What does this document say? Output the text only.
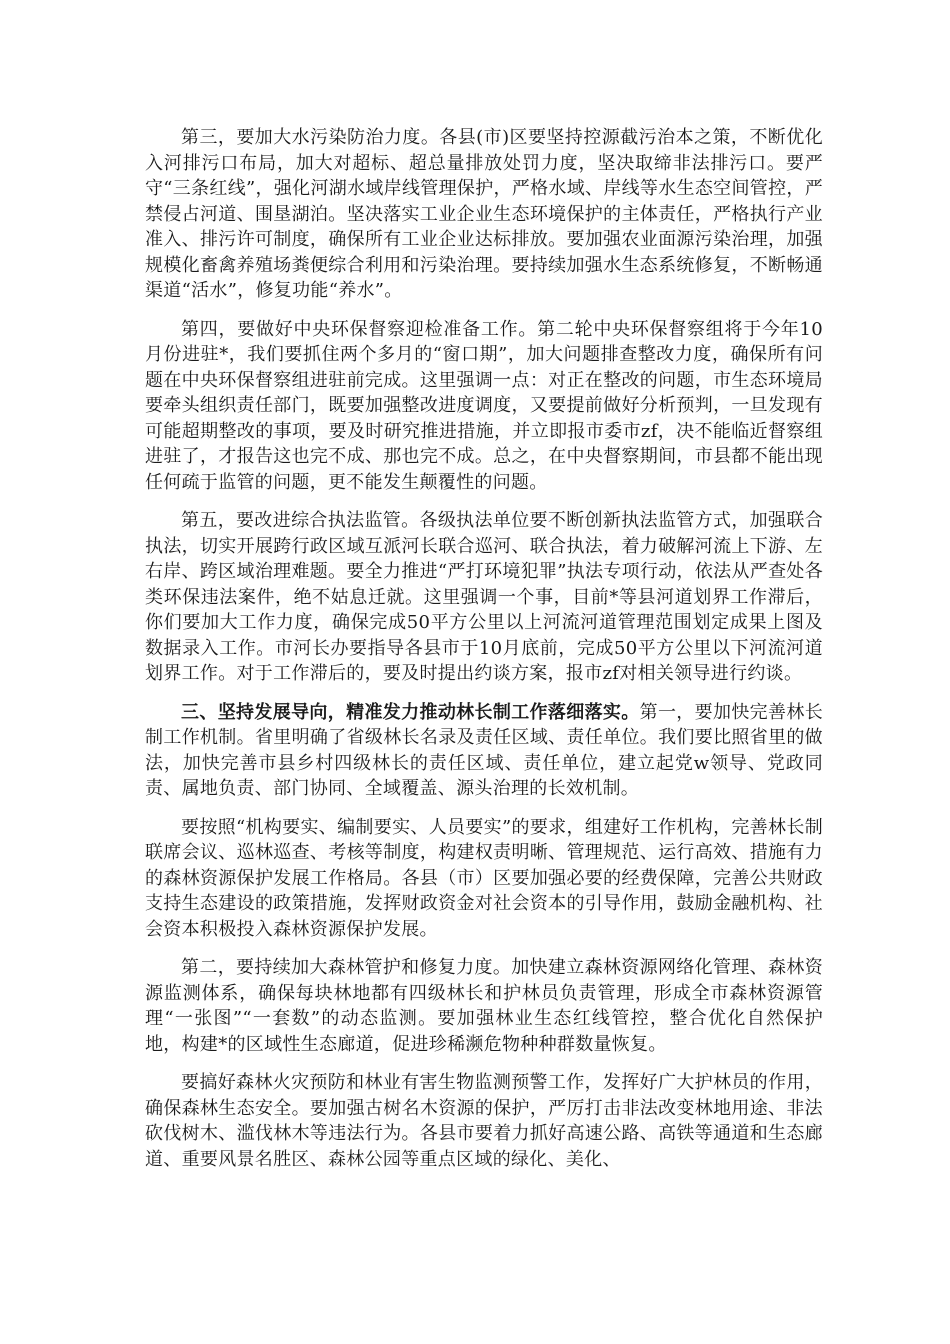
第三，要加大水污染防治力度。各县(市)区要坚持控源截污治本之策，不断优化入河排污口布局，加大对超标、超总量排放处罚力度，坚决取缔非法排污口。要严守“三条红线”，强化河湖水域岸线管理保护，严格水域、岸线等水生态空间管控，严禁侵占河道、围垦湖泊。坚决落实工业企业生态环境保护的主体责任，严格执行产业准入、排污许可制度，确保所有工业企业达标排放。要加强农业面源污染治理，加强规模化畜禽养殖场粪便综合利用和污染治理。要持续加强水生态系统修复，不断畅通渠道“活水”，修复功能“养水”。

第四，要做好中央环保督察迎检准备工作。第二轮中央环保督察组将于今年10月份进驻*，我们要抓住两个多月的“窗口期”，加大问题排查整改力度，确保所有问题在中央环保督察组进驻前完成。这里强调一点：对正在整改的问题，市生态环境局要牵头组织责任部门，既要加强整改进度调度，又要提前做好分析预判，一旦发现有可能超期整改的事项，要及时研究推进措施，并立即报市委市zf，决不能临近督察组进驻了，才报告这也完不成、那也完不成。总之，在中央督察期间，市县都不能出现任何疏于监管的问题，更不能发生颠覆性的问题。

第五，要改进综合执法监管。各级执法单位要不断创新执法监管方式，加强联合执法，切实开展跨行政区域互派河长联合巡河、联合执法，着力破解河流上下游、左右岸、跨区域治理难题。要全力推进“严打环境犯罪”执法专项行动，依法从严查处各类环保违法案件，绝不姑息迁就。这里强调一个事，目前*等县河道划界工作滞后，你们要加大工作力度，确保完成50平方公里以上河流河道管理范围划定成果上图及数据录入工作。市河长办要指导各县市于10月底前，完成50平方公里以下河流河道划界工作。对于工作滞后的，要及时提出约谈方案，报市zf对相关领导进行约谈。

三、坚持发展导向，精准发力推动林长制工作落细落实。第一，要加快完善林长制工作机制。省里明确了省级林长名录及责任区域、责任单位。我们要比照省里的做法，加快完善市县乡村四级林长的责任区域、责任单位，建立起党w领导、党政同责、属地负责、部门协同、全域覆盖、源头治理的长效机制。

要按照“机构要实、编制要实、人员要实”的要求，组建好工作机构，完善林长制联席会议、巡林巡查、考核等制度，构建权责明晰、管理规范、运行高效、措施有力的森林资源保护发展工作格局。各县（市）区要加强必要的经费保障，完善公共财政支持生态建设的政策措施，发挥财政资金对社会资本的引导作用，鼓励金融机构、社会资本积极投入森林资源保护发展。

第二，要持续加大森林管护和修复力度。加快建立森林资源网络化管理、森林资源监测体系，确保每块林地都有四级林长和护林员负责管理，形成全市森林资源管理“一张图”“一套数”的动态监测。要加强林业生态红线管控，整合优化自然保护地，构建*的区域性生态廊道，促进珍稀濒危物种种群数量恢复。

要搞好森林火灾预防和林业有害生物监测预警工作，发挥好广大护林员的作用，确保森林生态安全。要加强古树名木资源的保护，严厉打击非法改变林地用途、非法砍伐树木、滥伐林木等违法行为。各县市要着力抓好高速公路、高铁等通道和生态廊道、重要风景名胜区、森林公园等重点区域的绿化、美化、
